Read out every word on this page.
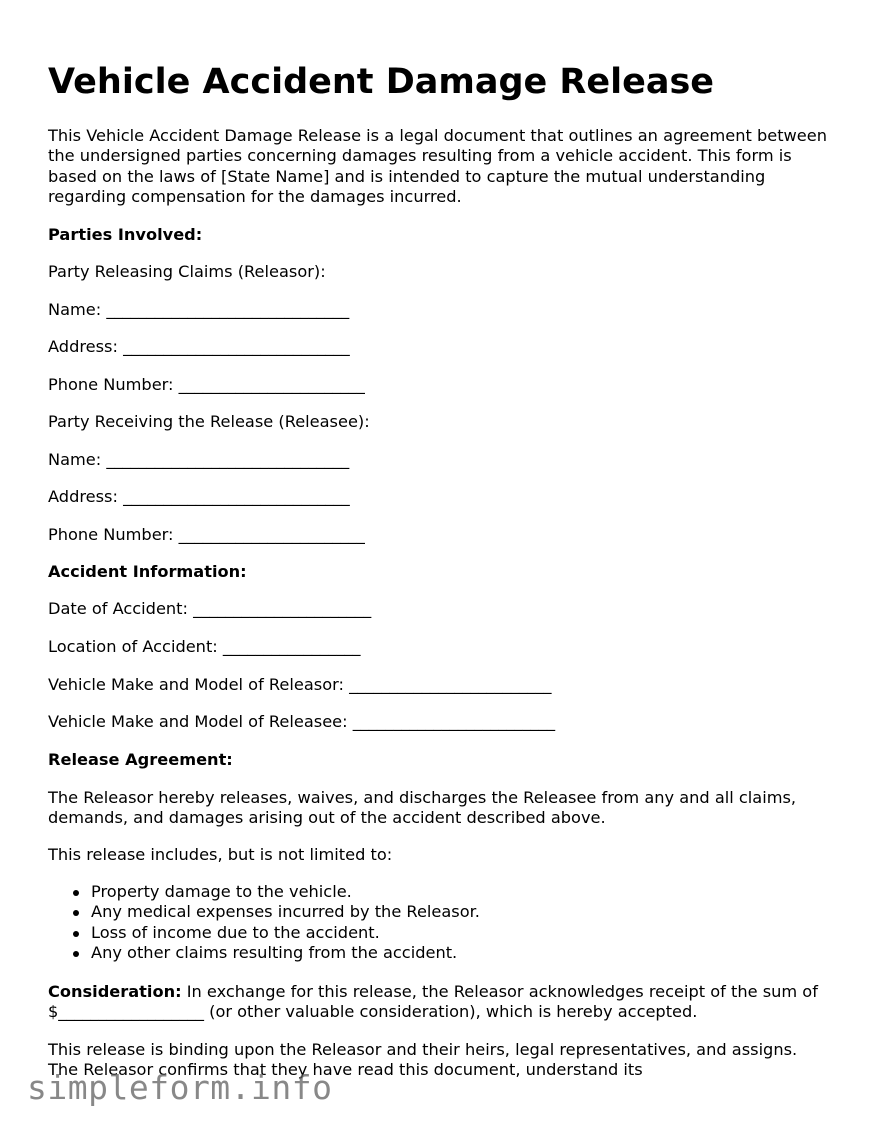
Vehicle Accident Damage Release

This Vehicle Accident Damage Release is a legal document that outlines an agreement between the undersigned parties concerning damages resulting from a vehicle accident. This form is based on the laws of [State Name] and is intended to capture the mutual understanding regarding compensation for the damages incurred.

Parties Involved:

Party Releasing Claims (Releasor):

Name: ______________________________

Address: ____________________________

Phone Number: _______________________

Party Receiving the Release (Releasee):

Name: ______________________________

Address: ____________________________

Phone Number: _______________________

Accident Information:

Date of Accident: ______________________

Location of Accident: _________________

Vehicle Make and Model of Releasor: _________________________

Vehicle Make and Model of Releasee: _________________________

Release Agreement:

The Releasor hereby releases, waives, and discharges the Releasee from any and all claims, demands, and damages arising out of the accident described above.

This release includes, but is not limited to:

Property damage to the vehicle.
Any medical expenses incurred by the Releasor.
Loss of income due to the accident.
Any other claims resulting from the accident.

Consideration: In exchange for this release, the Releasor acknowledges receipt of the sum of $__________________ (or other valuable consideration), which is hereby accepted.

This release is binding upon the Releasor and their heirs, legal representatives, and assigns. The Releasor confirms that they have read this document, understand its

simpleform.info
